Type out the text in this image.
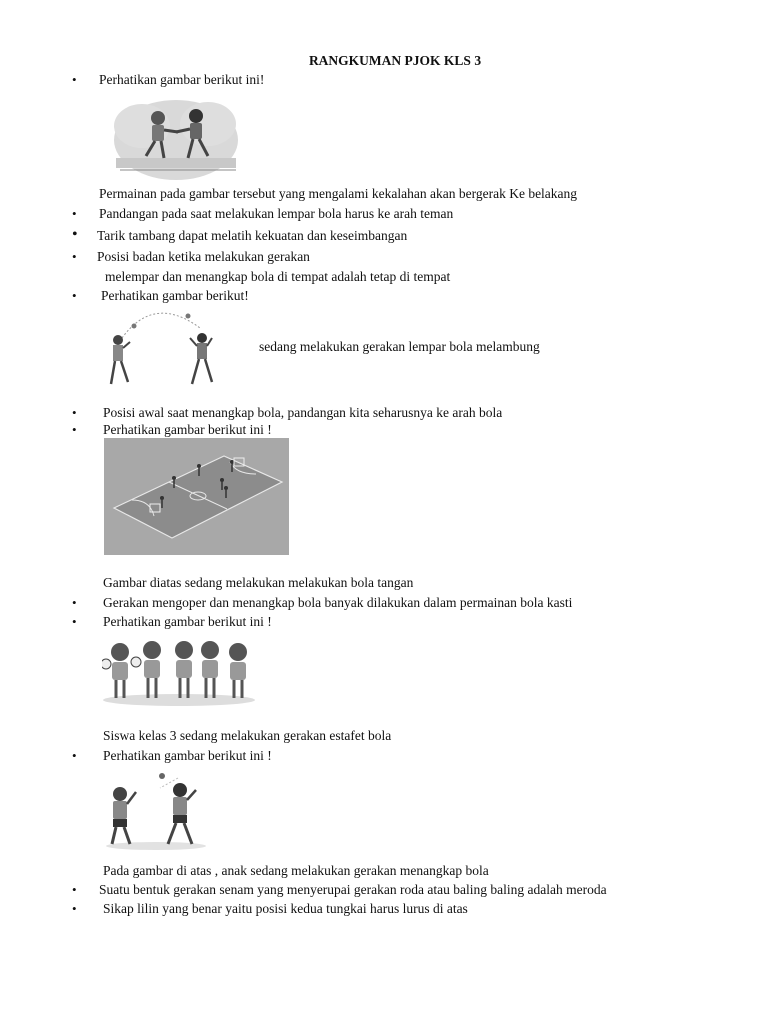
RANGKUMAN PJOK KLS 3
• Perhatikan gambar berikut ini!
Permainan pada gambar tersebut yang mengalami kekalahan akan bergerak Ke belakang
• Pandangan pada saat melakukan lempar bola harus ke arah teman
• Tarik tambang dapat melatih kekuatan dan keseimbangan
• Posisi badan ketika melakukan gerakan
melempar dan menangkap bola di tempat adalah tetap di tempat
• Perhatikan gambar berikut!
sedang melakukan gerakan lempar bola melambung
• Posisi awal saat menangkap bola, pandangan kita seharusnya ke arah bola
• Perhatikan gambar berikut ini !
Gambar diatas sedang melakukan melakukan bola tangan
• Gerakan mengoper dan menangkap bola banyak dilakukan dalam permainan bola kasti
• Perhatikan gambar berikut ini !
Siswa kelas 3 sedang melakukan gerakan estafet bola
• Perhatikan gambar berikut ini !
Pada gambar di atas , anak sedang melakukan gerakan menangkap bola
• Suatu bentuk gerakan senam yang menyerupai gerakan roda atau baling baling adalah meroda
• Sikap lilin yang benar yaitu posisi kedua tungkai harus lurus di atas
